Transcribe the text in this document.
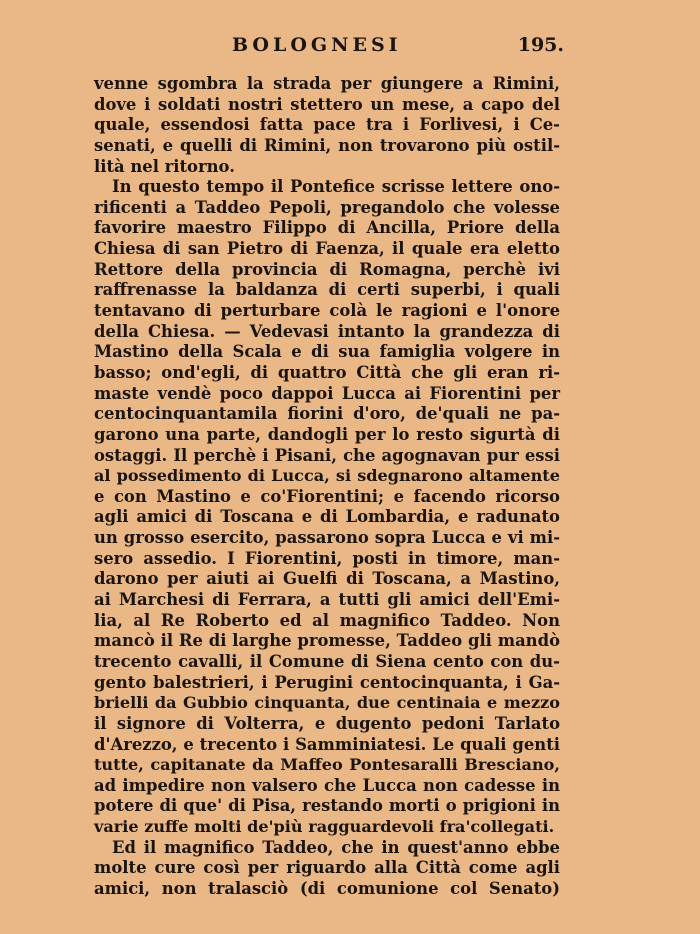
BOLOGNESI	195.
venne sgombra la strada per giungere a Rimini,
dove i soldati nostri stettero un mese, a capo del
quale, essendosi fatta pace tra i Forlivesi, i Ce-
senati, e quelli di Rimini, non trovarono più ostil-
lità nel ritorno.
In questo tempo il Pontefice scrisse lettere ono-
rificenti a Taddeo Pepoli, pregandolo che volesse
favorire maestro Filippo di Ancilla, Priore della
Chiesa di san Pietro di Faenza, il quale era eletto
Rettore della provincia di Romagna, perchè ivi
raffrenasse la baldanza di certi superbi, i quali
tentavano di perturbare colà le ragioni e l'onore
della Chiesa. — Vedevasi intanto la grandezza di
Mastino della Scala e di sua famiglia volgere in
basso; ond'egli, di quattro Città che gli eran ri-
maste vendè poco dappoi Lucca ai Fiorentini per
centocinquantamila fiorini d'oro, de'quali ne pa-
garono una parte, dandogli per lo resto sigurtà di
ostaggi. Il perchè i Pisani, che agognavan pur essi
al possedimento di Lucca, si sdegnarono altamente
e con Mastino e co'Fiorentini; e facendo ricorso
agli amici di Toscana e di Lombardia, e radunato
un grosso esercito, passarono sopra Lucca e vi mi-
sero assedio. I Fiorentini, posti in timore, man-
darono per aiuti ai Guelfi di Toscana, a Mastino,
ai Marchesi di Ferrara, a tutti gli amici dell'Emi-
lia, al Re Roberto ed al magnifico Taddeo. Non
mancò il Re di larghe promesse, Taddeo gli mandò
trecento cavalli, il Comune di Siena cento con du-
gento balestrieri, i Perugini centocinquanta, i Ga-
brielli da Gubbio cinquanta, due centinaia e mezzo
il signore di Volterra, e dugento pedoni Tarlato
d'Arezzo, e trecento i Samminiatesi. Le quali genti
tutte, capitanate da Maffeo Pontesaralli Bresciano,
ad impedire non valsero che Lucca non cadesse in
potere di que' di Pisa, restando morti o prigioni in
varie zuffe molti de'più ragguardevoli fra'collegati.
Ed il magnifico Taddeo, che in quest'anno ebbe
molte cure così per riguardo alla Città come agli
amici, non tralasciò (di comunione col Senato)
